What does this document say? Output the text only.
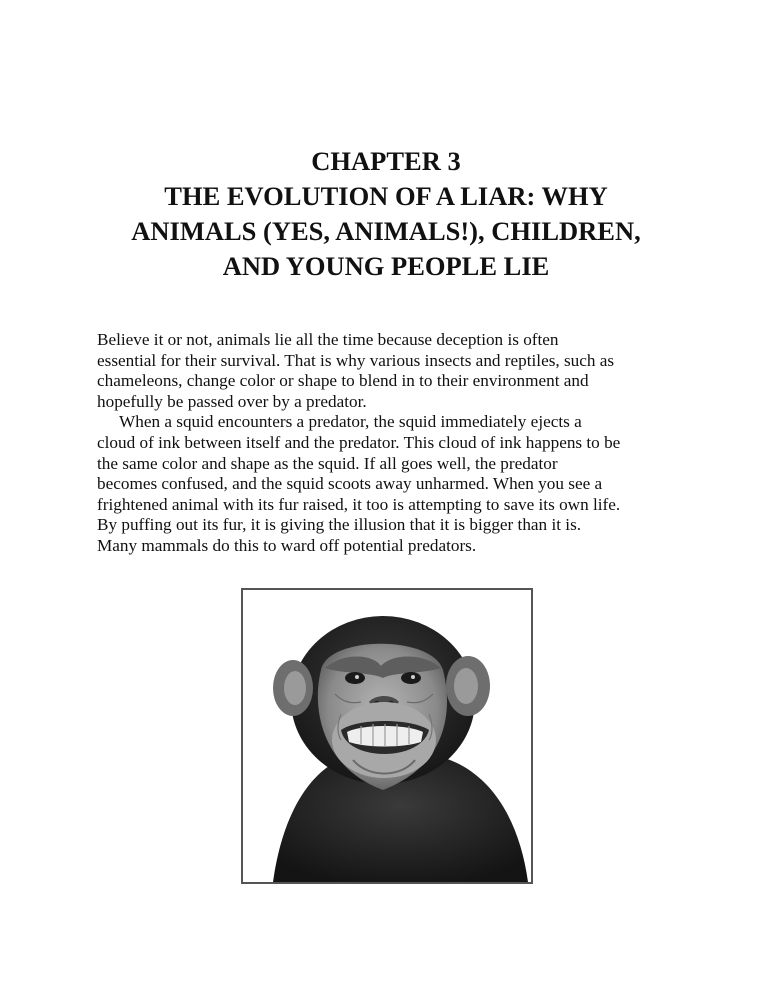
CHAPTER 3
THE EVOLUTION OF A LIAR: WHY
ANIMALS (YES, ANIMALS!), CHILDREN,
AND YOUNG PEOPLE LIE

Believe it or not, animals lie all the time because deception is often
essential for their survival. That is why various insects and reptiles, such as
chameleons, change color or shape to blend in to their environment and
hopefully be passed over by a predator.

When a squid encounters a predator, the squid immediately ejects a
cloud of ink between itself and the predator. This cloud of ink happens to be
the same color and shape as the squid. If all goes well, the predator
becomes confused, and the squid scoots away unharmed. When you see a
frightened animal with its fur raised, it too is attempting to save its own life.
By puffing out its fur, it is giving the illusion that it is bigger than it is.
Many mammals do this to ward off potential predators.
